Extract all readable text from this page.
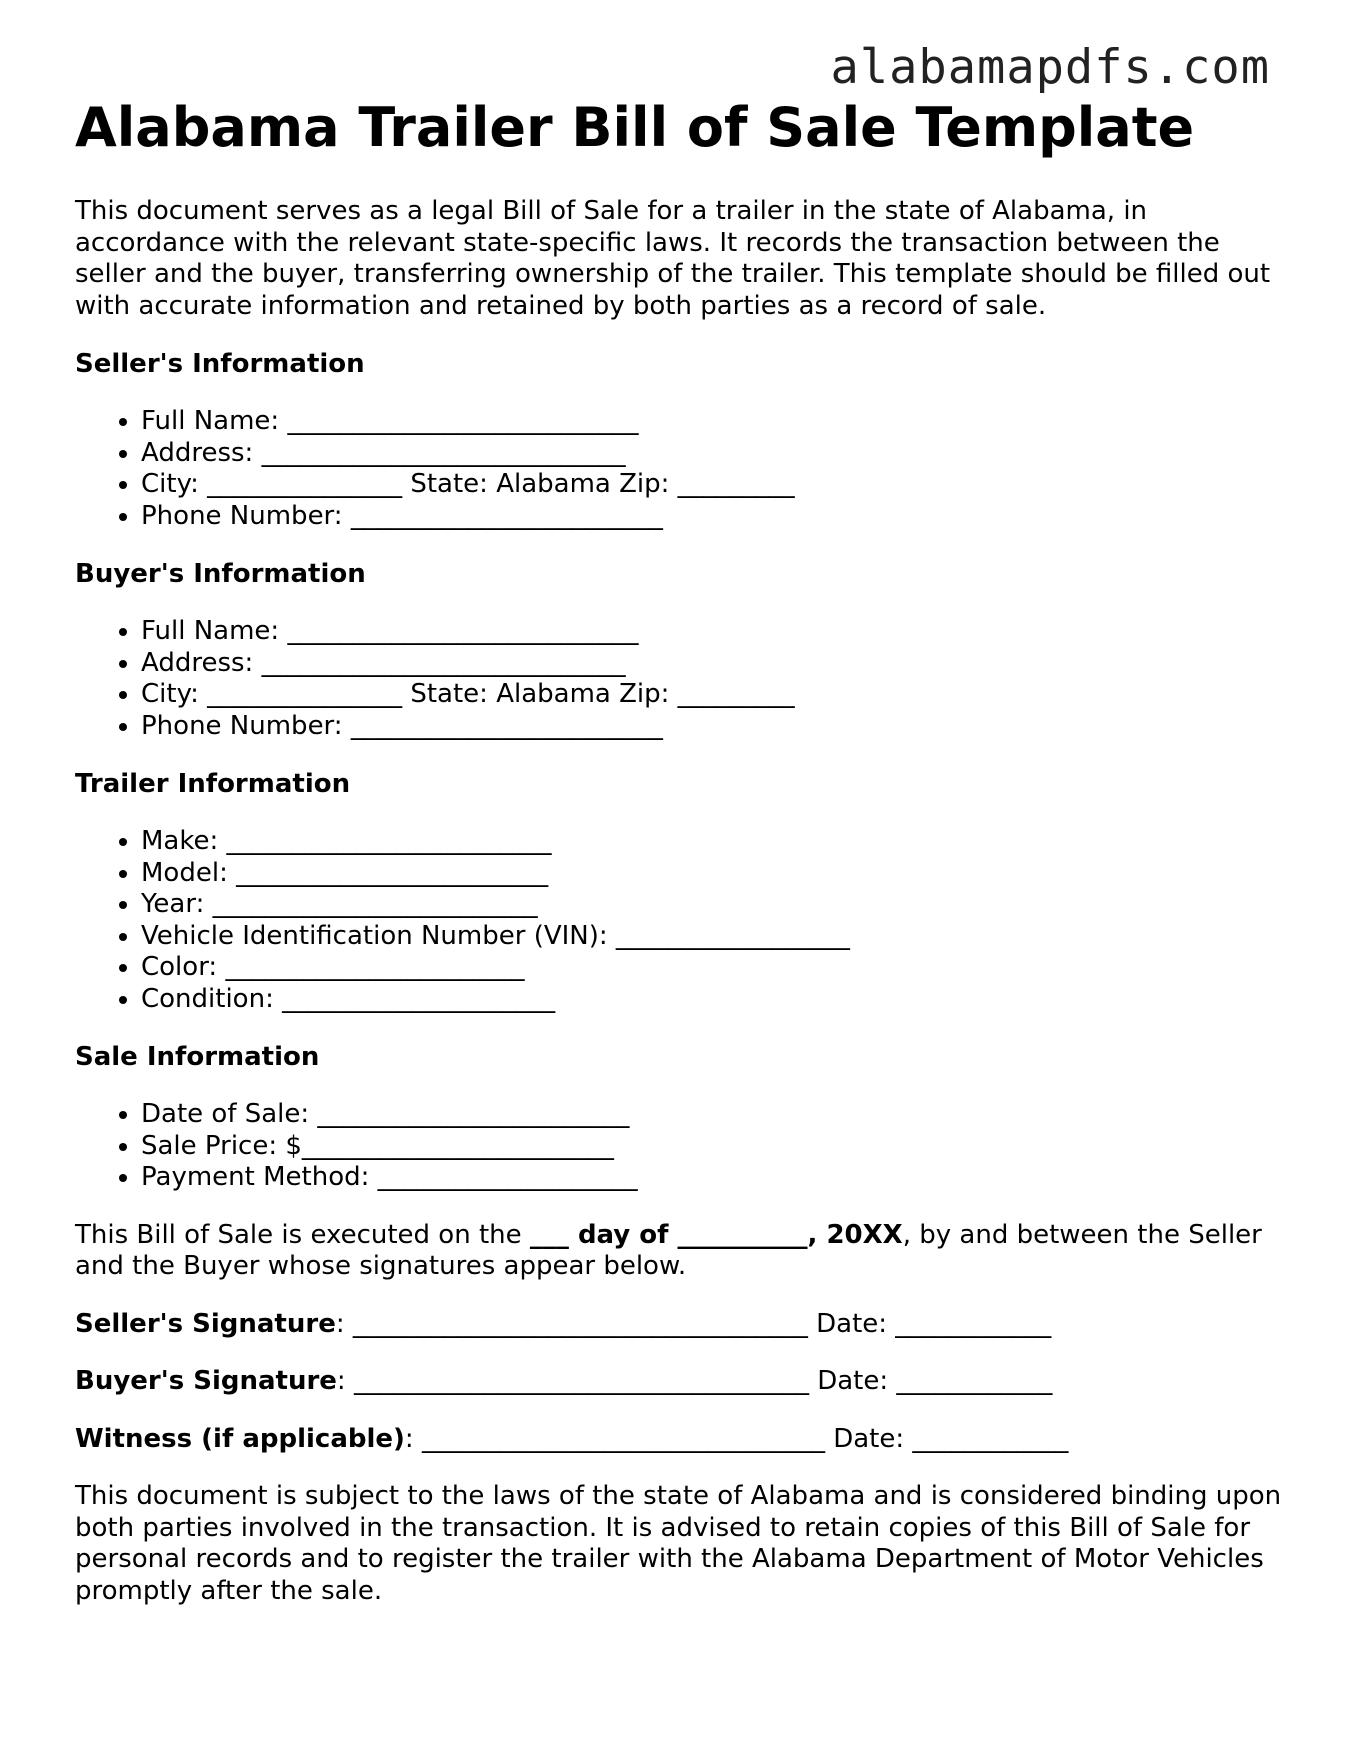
alabamapdfs.com
Alabama Trailer Bill of Sale Template

This document serves as a legal Bill of Sale for a trailer in the state of Alabama, in accordance with the relevant state-specific laws. It records the transaction between the seller and the buyer, transferring ownership of the trailer. This template should be filled out with accurate information and retained by both parties as a record of sale.

Seller's Information
• Full Name: ___________________________
• Address: ____________________________
• City: _______________ State: Alabama Zip: _________
• Phone Number: ________________________
Buyer's Information
• Full Name: ___________________________
• Address: ____________________________
• City: _______________ State: Alabama Zip: _________
• Phone Number: ________________________
Trailer Information
• Make: _________________________
• Model: ________________________
• Year: _________________________
• Vehicle Identification Number (VIN): __________________
• Color: _______________________
• Condition: _____________________
Sale Information
• Date of Sale: ________________________
• Sale Price: $________________________
• Payment Method: ____________________

This Bill of Sale is executed on the ___ day of __________, 20XX, by and between the Seller and the Buyer whose signatures appear below.

Seller's Signature: ___________________________________ Date: ____________

Buyer's Signature: ___________________________________ Date: ____________

Witness (if applicable): _______________________________ Date: ____________

This document is subject to the laws of the state of Alabama and is considered binding upon both parties involved in the transaction. It is advised to retain copies of this Bill of Sale for personal records and to register the trailer with the Alabama Department of Motor Vehicles promptly after the sale.
